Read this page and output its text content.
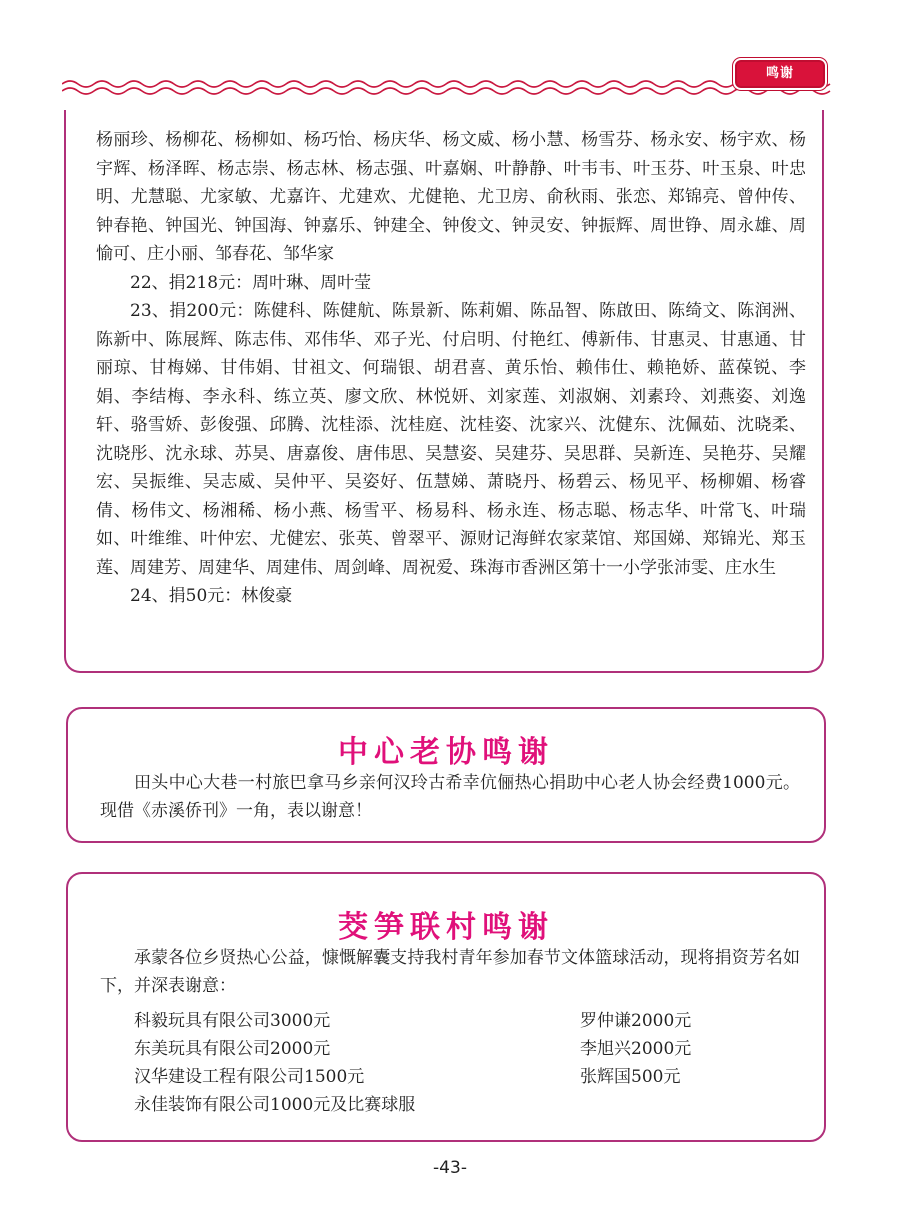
鸣谢

杨丽珍、杨柳花、杨柳如、杨巧怡、杨庆华、杨文威、杨小慧、杨雪芬、杨永安、杨宇欢、杨宇辉、杨泽晖、杨志崇、杨志林、杨志强、叶嘉娴、叶静静、叶韦韦、叶玉芬、叶玉泉、叶忠明、尤慧聪、尤家敏、尤嘉许、尤建欢、尤健艳、尤卫房、俞秋雨、张恋、郑锦亮、曾仲传、钟春艳、钟国光、钟国海、钟嘉乐、钟建全、钟俊文、钟灵安、钟振辉、周世铮、周永雄、周愉可、庄小丽、邹春花、邹华家

22、捐218元：周叶琳、周叶莹

23、捐200元：陈健科、陈健航、陈景新、陈莉媚、陈品智、陈啟田、陈绮文、陈润洲、陈新中、陈展辉、陈志伟、邓伟华、邓子光、付启明、付艳红、傅新伟、甘惠灵、甘惠通、甘丽琼、甘梅娣、甘伟娟、甘祖文、何瑞银、胡君喜、黄乐怡、赖伟仕、赖艳娇、蓝葆锐、李娟、李结梅、李永科、练立英、廖文欣、林悦妍、刘家莲、刘淑娴、刘素玲、刘燕姿、刘逸轩、骆雪娇、彭俊强、邱腾、沈桂添、沈桂庭、沈桂姿、沈家兴、沈健东、沈佩茹、沈晓柔、沈晓彤、沈永球、苏昊、唐嘉俊、唐伟思、吴慧姿、吴建芬、吴思群、吴新连、吴艳芬、吴耀宏、吴振维、吴志威、吴仲平、吴姿好、伍慧娣、萧晓丹、杨碧云、杨见平、杨柳媚、杨睿倩、杨伟文、杨湘稀、杨小燕、杨雪平、杨易科、杨永连、杨志聪、杨志华、叶常飞、叶瑞如、叶维维、叶仲宏、尤健宏、张英、曾翠平、源财记海鲜农家菜馆、郑国娣、郑锦光、郑玉莲、周建芳、周建华、周建伟、周剑峰、周祝爱、珠海市香洲区第十一小学张沛雯、庄水生

24、捐50元：林俊豪

中心老协鸣谢

田头中心大巷一村旅巴拿马乡亲何汉玲古希幸伉俪热心捐助中心老人协会经费1000元。现借《赤溪侨刊》一角，表以谢意！

茭笋联村鸣谢

承蒙各位乡贤热心公益，慷慨解囊支持我村青年参加春节文体篮球活动，现将捐资芳名如下，并深表谢意：

科毅玩具有限公司3000元
东美玩具有限公司2000元
汉华建设工程有限公司1500元
永佳装饰有限公司1000元及比赛球服
罗仲谦2000元
李旭兴2000元
张辉国500元
-43-
